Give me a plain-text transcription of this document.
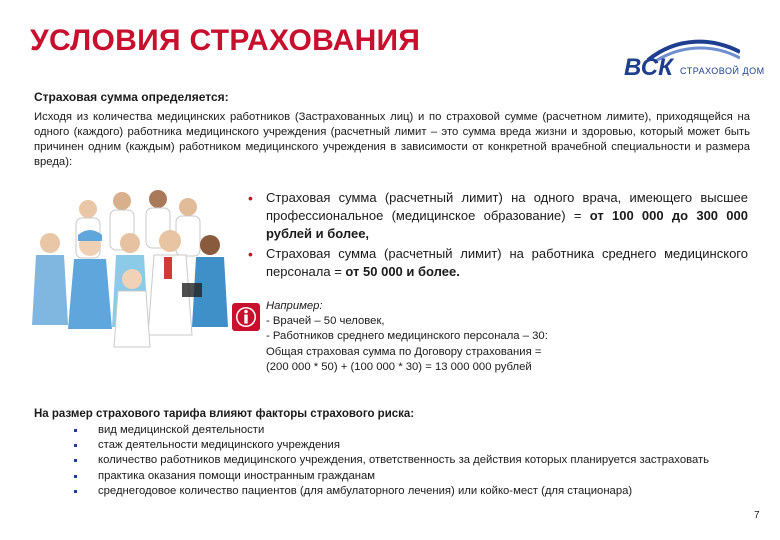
УСЛОВИЯ СТРАХОВАНИЯ
ВСК СТРАХОВОЙ ДОМ
Страховая сумма определяется:
Исходя из количества медицинских работников (Застрахованных лиц) и по страховой сумме (расчетном лимите), приходящейся на одного (каждого) работника медицинского учреждения (расчетный лимит – это сумма вреда жизни и здоровью, который может быть причинен одним (каждым) работником медицинского учреждения в зависимости от конкретной врачебной специальности и размера вреда):
• Страховая сумма (расчетный лимит) на одного врача, имеющего высшее профессиональное (медицинское образование) = от 100 000 до 300 000 рублей и более,
• Страховая сумма (расчетный лимит) на работника среднего медицинского персонала = от 50 000 и более.
Например:
- Врачей – 50 человек,
- Работников среднего медицинского персонала – 30:
Общая страховая сумма по Договору страхования =
(200 000 * 50) + (100 000 * 30) = 13 000 000 рублей
На размер страхового тарифа влияют факторы страхового риска:
вид медицинской деятельности
стаж деятельности медицинского учреждения
количество работников медицинского учреждения, ответственность за действия которых планируется застраховать
практика оказания помощи иностранным гражданам
среднегодовое количество пациентов (для амбулаторного лечения) или койко-мест (для стационара)
7
